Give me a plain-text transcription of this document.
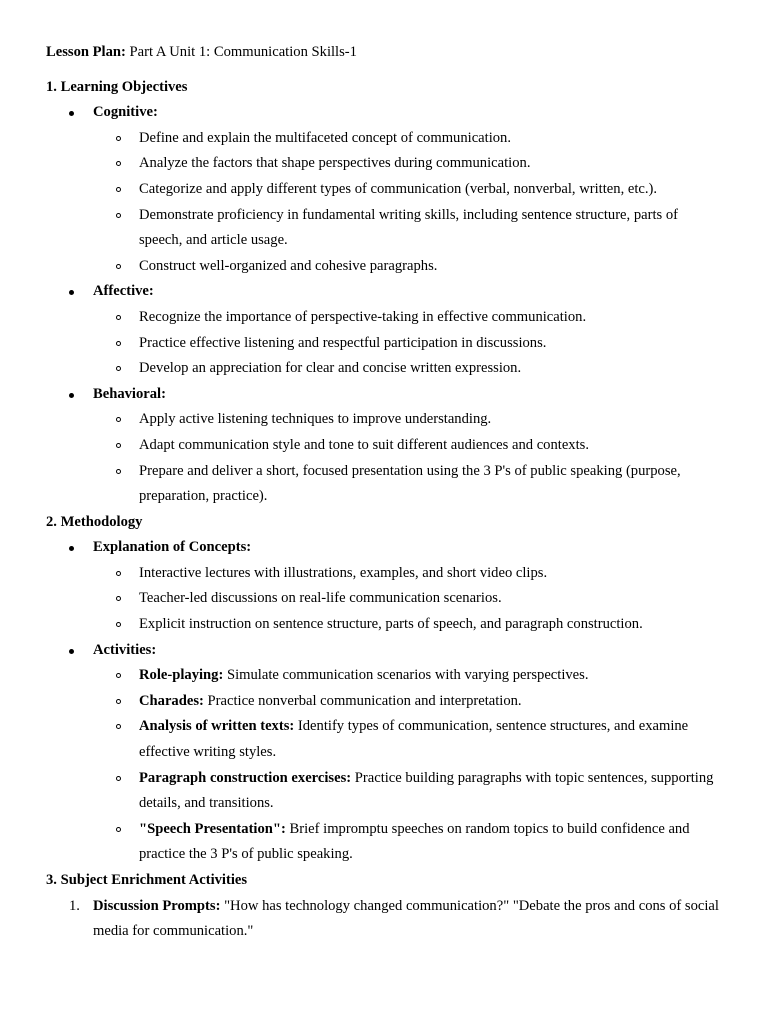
Lesson Plan: Part A Unit 1: Communication Skills-1

1. Learning Objectives

Cognitive:
Define and explain the multifaceted concept of communication.
Analyze the factors that shape perspectives during communication.
Categorize and apply different types of communication (verbal, nonverbal, written, etc.).
Demonstrate proficiency in fundamental writing skills, including sentence structure, parts of speech, and article usage.
Construct well-organized and cohesive paragraphs.
Affective:
Recognize the importance of perspective-taking in effective communication.
Practice effective listening and respectful participation in discussions.
Develop an appreciation for clear and concise written expression.
Behavioral:
Apply active listening techniques to improve understanding.
Adapt communication style and tone to suit different audiences and contexts.
Prepare and deliver a short, focused presentation using the 3 P's of public speaking (purpose, preparation, practice).

2. Methodology

Explanation of Concepts:
Interactive lectures with illustrations, examples, and short video clips.
Teacher-led discussions on real-life communication scenarios.
Explicit instruction on sentence structure, parts of speech, and paragraph construction.
Activities:
Role-playing: Simulate communication scenarios with varying perspectives.
Charades: Practice nonverbal communication and interpretation.
Analysis of written texts: Identify types of communication, sentence structures, and examine effective writing styles.
Paragraph construction exercises: Practice building paragraphs with topic sentences, supporting details, and transitions.
"Speech Presentation": Brief impromptu speeches on random topics to build confidence and practice the 3 P's of public speaking.

3. Subject Enrichment Activities

1. Discussion Prompts: "How has technology changed communication?" "Debate the pros and cons of social media for communication."
